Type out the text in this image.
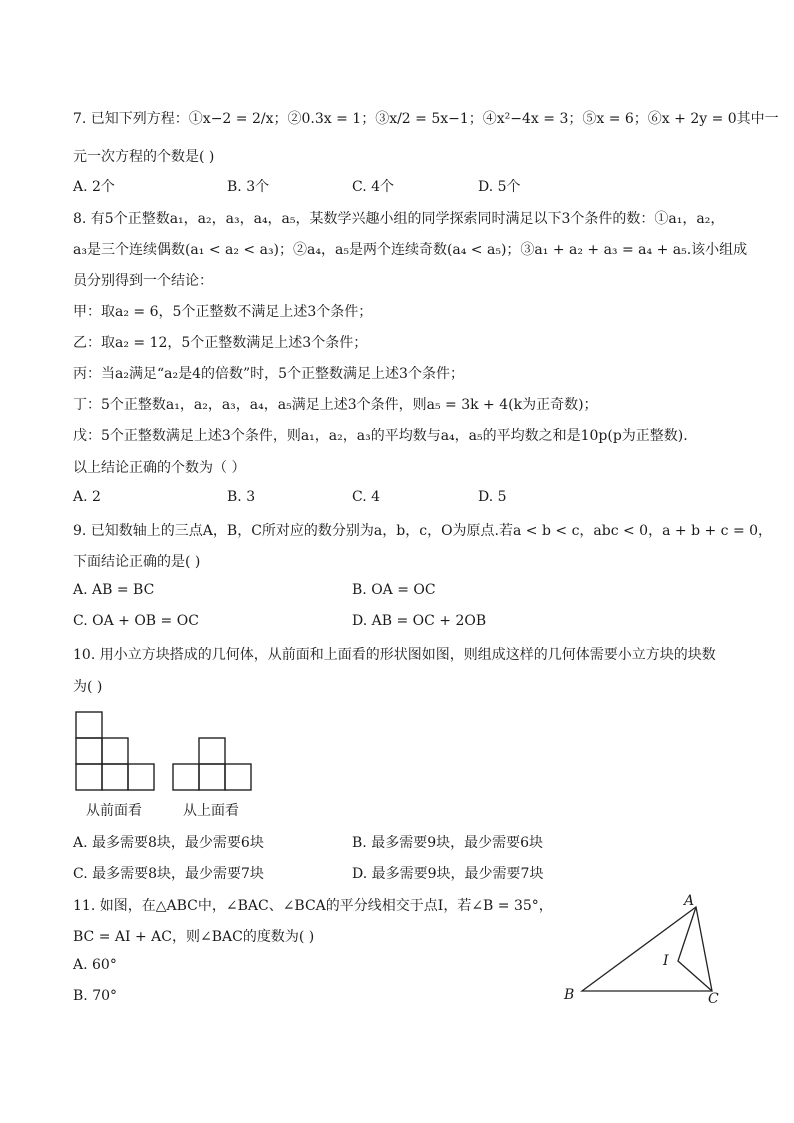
7. 已知下列方程：①x−2 = 2/x；②0.3x = 1；③x/2 = 5x−1；④x²−4x = 3；⑤x = 6；⑥x + 2y = 0其中一
元一次方程的个数是( )
A. 2个	B. 3个	C. 4个	D. 5个
8. 有5个正整数a₁，a₂，a₃，a₄，a₅，某数学兴趣小组的同学探索同时满足以下3个条件的数：①a₁，a₂，
a₃是三个连续偶数(a₁ < a₂ < a₃)；②a₄，a₅是两个连续奇数(a₄ < a₅)；③a₁ + a₂ + a₃ = a₄ + a₅.该小组成
员分别得到一个结论：
甲：取a₂ = 6，5个正整数不满足上述3个条件；
乙：取a₂ = 12，5个正整数满足上述3个条件；
丙：当a₂满足“a₂是4的倍数”时，5个正整数满足上述3个条件；
丁：5个正整数a₁，a₂，a₃，a₄，a₅满足上述3个条件，则a₅ = 3k + 4(k为正奇数)；
戊：5个正整数满足上述3个条件，则a₁，a₂，a₃的平均数与a₄，a₅的平均数之和是10p(p为正整数).
以上结论正确的个数为（ ）
A. 2	B. 3	C. 4	D. 5
9. 已知数轴上的三点A，B，C所对应的数分别为a，b，c，O为原点.若a < b < c，abc < 0，a + b + c = 0，
下面结论正确的是( )
A. AB = BC	B. OA = OC
C. OA + OB = OC	D. AB = OC + 2OB
10. 用小立方块搭成的几何体，从前面和上面看的形状图如图，则组成这样的几何体需要小立方块的块数
为( )
从前面看	从上面看
A. 最多需要8块，最少需要6块	B. 最多需要9块，最少需要6块
C. 最多需要8块，最少需要7块	D. 最多需要9块，最少需要7块
11. 如图，在△ABC中，∠BAC、∠BCA的平分线相交于点I，若∠B = 35°，
BC = AI + AC，则∠BAC的度数为( )
A. 60°
B. 70°
A
B	C
I
